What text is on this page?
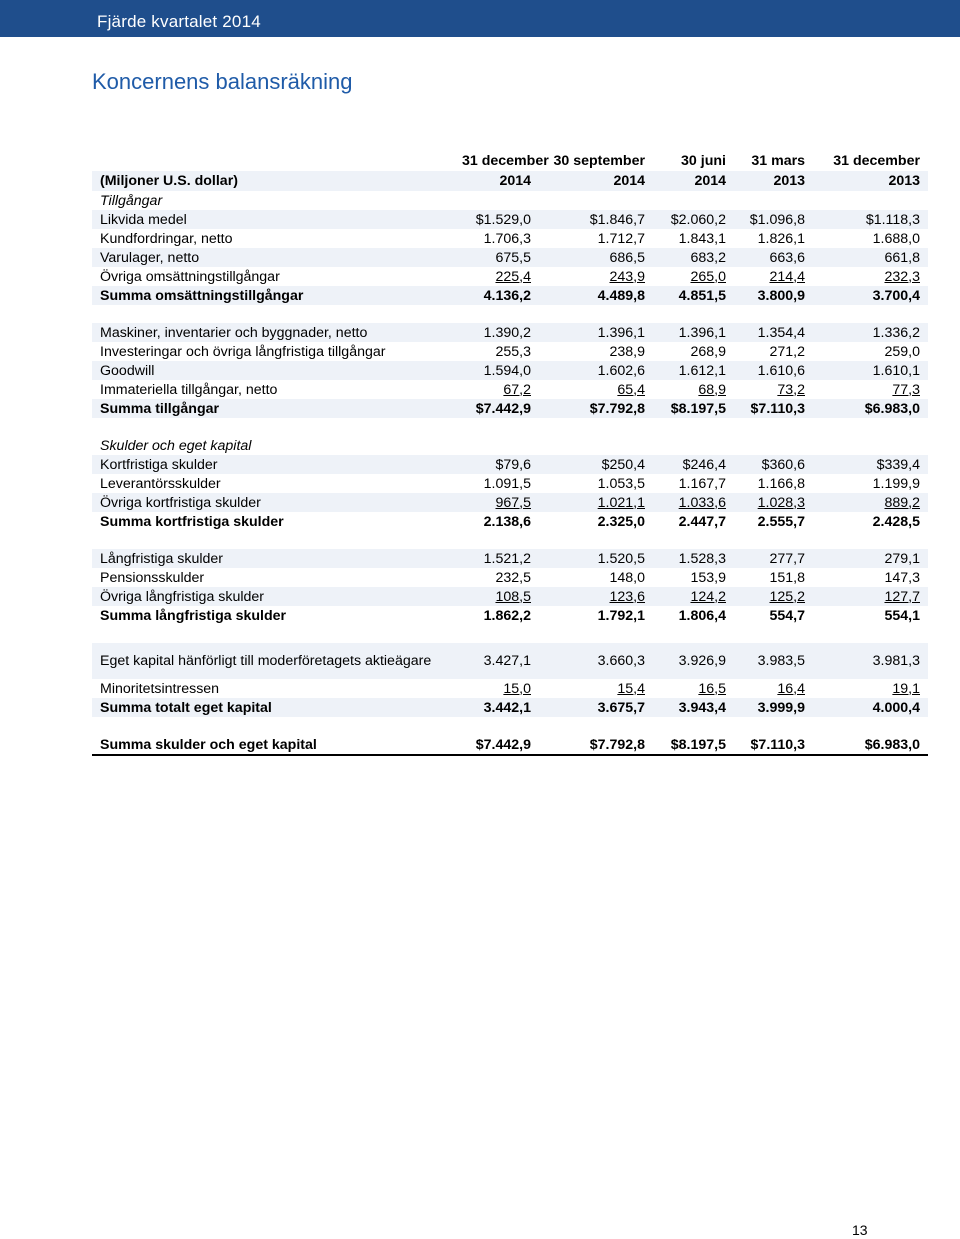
Fjärde kvartalet 2014
Koncernens balansräkning
	31 december	30 september	30 juni	31 mars	31 december
(Miljoner U.S. dollar)	2014	2014	2014	2013	2013
Tillgångar					
Likvida medel	$1.529,0	$1.846,7	$2.060,2	$1.096,8	$1.118,3
Kundfordringar, netto	1.706,3	1.712,7	1.843,1	1.826,1	1.688,0
Varulager, netto	675,5	686,5	683,2	663,6	661,8
Övriga omsättningstillgångar	225,4	243,9	265,0	214,4	232,3
Summa omsättningstillgångar	4.136,2	4.489,8	4.851,5	3.800,9	3.700,4

Maskiner, inventarier och byggnader, netto	1.390,2	1.396,1	1.396,1	1.354,4	1.336,2
Investeringar och övriga långfristiga tillgångar	255,3	238,9	268,9	271,2	259,0
Goodwill	1.594,0	1.602,6	1.612,1	1.610,6	1.610,1
Immateriella tillgångar, netto	67,2	65,4	68,9	73,2	77,3
Summa tillgångar	$7.442,9	$7.792,8	$8.197,5	$7.110,3	$6.983,0

Skulder och eget kapital					
Kortfristiga skulder	$79,6	$250,4	$246,4	$360,6	$339,4
Leverantörsskulder	1.091,5	1.053,5	1.167,7	1.166,8	1.199,9
Övriga kortfristiga skulder	967,5	1.021,1	1.033,6	1.028,3	889,2
Summa kortfristiga skulder	2.138,6	2.325,0	2.447,7	2.555,7	2.428,5

Långfristiga skulder	1.521,2	1.520,5	1.528,3	277,7	279,1
Pensionsskulder	232,5	148,0	153,9	151,8	147,3
Övriga långfristiga skulder	108,5	123,6	124,2	125,2	127,7
Summa långfristiga skulder	1.862,2	1.792,1	1.806,4	554,7	554,1

Eget kapital hänförligt till moderföretagets aktieägare	3.427,1	3.660,3	3.926,9	3.983,5	3.981,3
Minoritetsintressen	15,0	15,4	16,5	16,4	19,1
Summa totalt eget kapital	3.442,1	3.675,7	3.943,4	3.999,9	4.000,4

Summa skulder och eget kapital	$7.442,9	$7.792,8	$8.197,5	$7.110,3	$6.983,0
13
